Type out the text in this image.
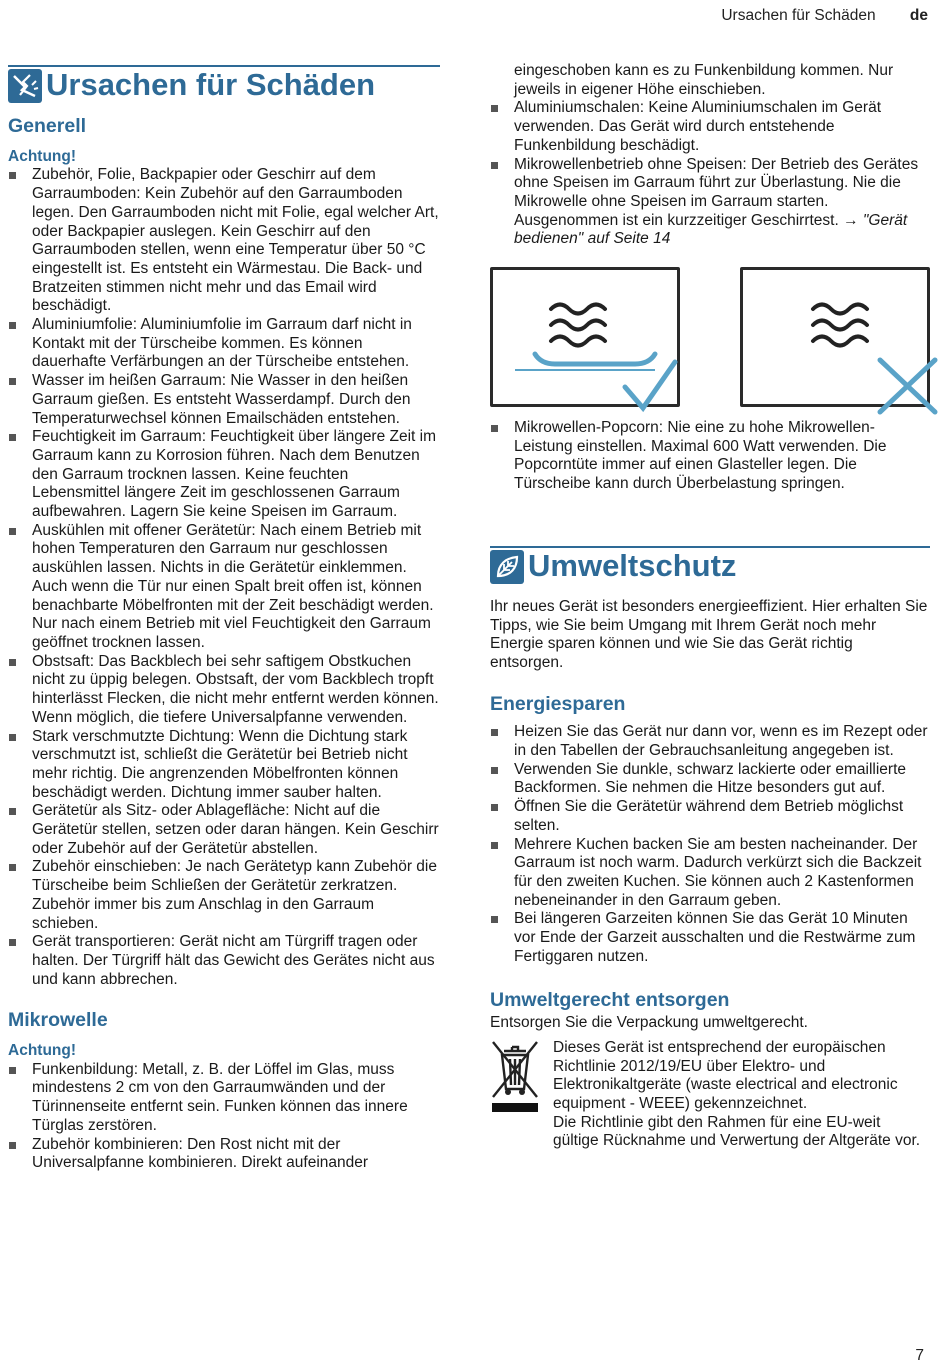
Ursachen für Schäden de
Ursachen für Schäden
Generell

Achtung!

Zubehör, Folie, Backpapier oder Geschirr auf dem Garraumboden: Kein Zubehör auf den Garraumboden legen. Den Garraumboden nicht mit Folie, egal welcher Art, oder Backpapier auslegen. Kein Geschirr auf den Garraumboden stellen, wenn eine Temperatur über 50 °C eingestellt ist. Es entsteht ein Wärmestau. Die Back- und Bratzeiten stimmen nicht mehr und das Email wird beschädigt.
Aluminiumfolie: Aluminiumfolie im Garraum darf nicht in Kontakt mit der Türscheibe kommen. Es können dauerhafte Verfärbungen an der Türscheibe entstehen.
Wasser im heißen Garraum: Nie Wasser in den heißen Garraum gießen. Es entsteht Wasserdampf. Durch den Temperaturwechsel können Emailschäden entstehen.
Feuchtigkeit im Garraum: Feuchtigkeit über längere Zeit im Garraum kann zu Korrosion führen. Nach dem Benutzen den Garraum trocknen lassen. Keine feuchten Lebensmittel längere Zeit im geschlossenen Garraum aufbewahren. Lagern Sie keine Speisen im Garraum.
Auskühlen mit offener Gerätetür: Nach einem Betrieb mit hohen Temperaturen den Garraum nur geschlossen auskühlen lassen. Nichts in die Gerätetür einklemmen. Auch wenn die Tür nur einen Spalt breit offen ist, können benachbarte Möbelfronten mit der Zeit beschädigt werden.
Nur nach einem Betrieb mit viel Feuchtigkeit den Garraum geöffnet trocknen lassen.
Obstsaft: Das Backblech bei sehr saftigem Obstkuchen nicht zu üppig belegen. Obstsaft, der vom Backblech tropft hinterlässt Flecken, die nicht mehr entfernt werden können. Wenn möglich, die tiefere Universalpfanne verwenden.
Stark verschmutzte Dichtung: Wenn die Dichtung stark verschmutzt ist, schließt die Gerätetür bei Betrieb nicht mehr richtig. Die angrenzenden Möbelfronten können beschädigt werden. Dichtung immer sauber halten.
Gerätetür als Sitz- oder Ablagefläche: Nicht auf die Gerätetür stellen, setzen oder daran hängen. Kein Geschirr oder Zubehör auf der Gerätetür abstellen.
Zubehör einschieben: Je nach Gerätetyp kann Zubehör die Türscheibe beim Schließen der Gerätetür zerkratzen. Zubehör immer bis zum Anschlag in den Garraum schieben.
Gerät transportieren: Gerät nicht am Türgriff tragen oder halten. Der Türgriff hält das Gewicht des Gerätes nicht aus und kann abbrechen.
Mikrowelle

Achtung!

Funkenbildung: Metall, z. B. der Löffel im Glas, muss mindestens 2 cm von den Garraumwänden und der Türinnenseite entfernt sein. Funken können das innere Türglas zerstören.
Zubehör kombinieren: Den Rost nicht mit der Universalpfanne kombinieren. Direkt aufeinander
eingeschoben kann es zu Funkenbildung kommen. Nur jeweils in eigener Höhe einschieben.
Aluminiumschalen: Keine Aluminiumschalen im Gerät verwenden. Das Gerät wird durch entstehende Funkenbildung beschädigt.
Mikrowellenbetrieb ohne Speisen: Der Betrieb des Gerätes ohne Speisen im Garraum führt zur Überlastung. Nie die Mikrowelle ohne Speisen im Garraum starten. Ausgenommen ist ein kurzzeitiger Geschirrtest. → "Gerät bedienen" auf Seite 14
Mikrowellen-Popcorn: Nie eine zu hohe Mikrowellen-Leistung einstellen. Maximal 600 Watt verwenden. Die Popcorntüte immer auf einen Glasteller legen. Die Türscheibe kann durch Überbelastung springen.
Umweltschutz

Ihr neues Gerät ist besonders energieeffizient. Hier erhalten Sie Tipps, wie Sie beim Umgang mit Ihrem Gerät noch mehr Energie sparen können und wie Sie das Gerät richtig entsorgen.

Energiesparen
Heizen Sie das Gerät nur dann vor, wenn es im Rezept oder in den Tabellen der Gebrauchsanleitung angegeben ist.
Verwenden Sie dunkle, schwarz lackierte oder emaillierte Backformen. Sie nehmen die Hitze besonders gut auf.
Öffnen Sie die Gerätetür während dem Betrieb möglichst selten.
Mehrere Kuchen backen Sie am besten nacheinander. Der Garraum ist noch warm. Dadurch verkürzt sich die Backzeit für den zweiten Kuchen. Sie können auch 2 Kastenformen nebeneinander in den Garraum geben.
Bei längeren Garzeiten können Sie das Gerät 10 Minuten vor Ende der Garzeit ausschalten und die Restwärme zum Fertiggaren nutzen.
Umweltgerecht entsorgen

Entsorgen Sie die Verpackung umweltgerecht.

Dieses Gerät ist entsprechend der europäischen Richtlinie 2012/19/EU über Elektro- und Elektronikaltgeräte (waste electrical and electronic equipment - WEEE) gekennzeichnet.

Die Richtlinie gibt den Rahmen für eine EU-weit gültige Rücknahme und Verwertung der Altgeräte vor.

7
